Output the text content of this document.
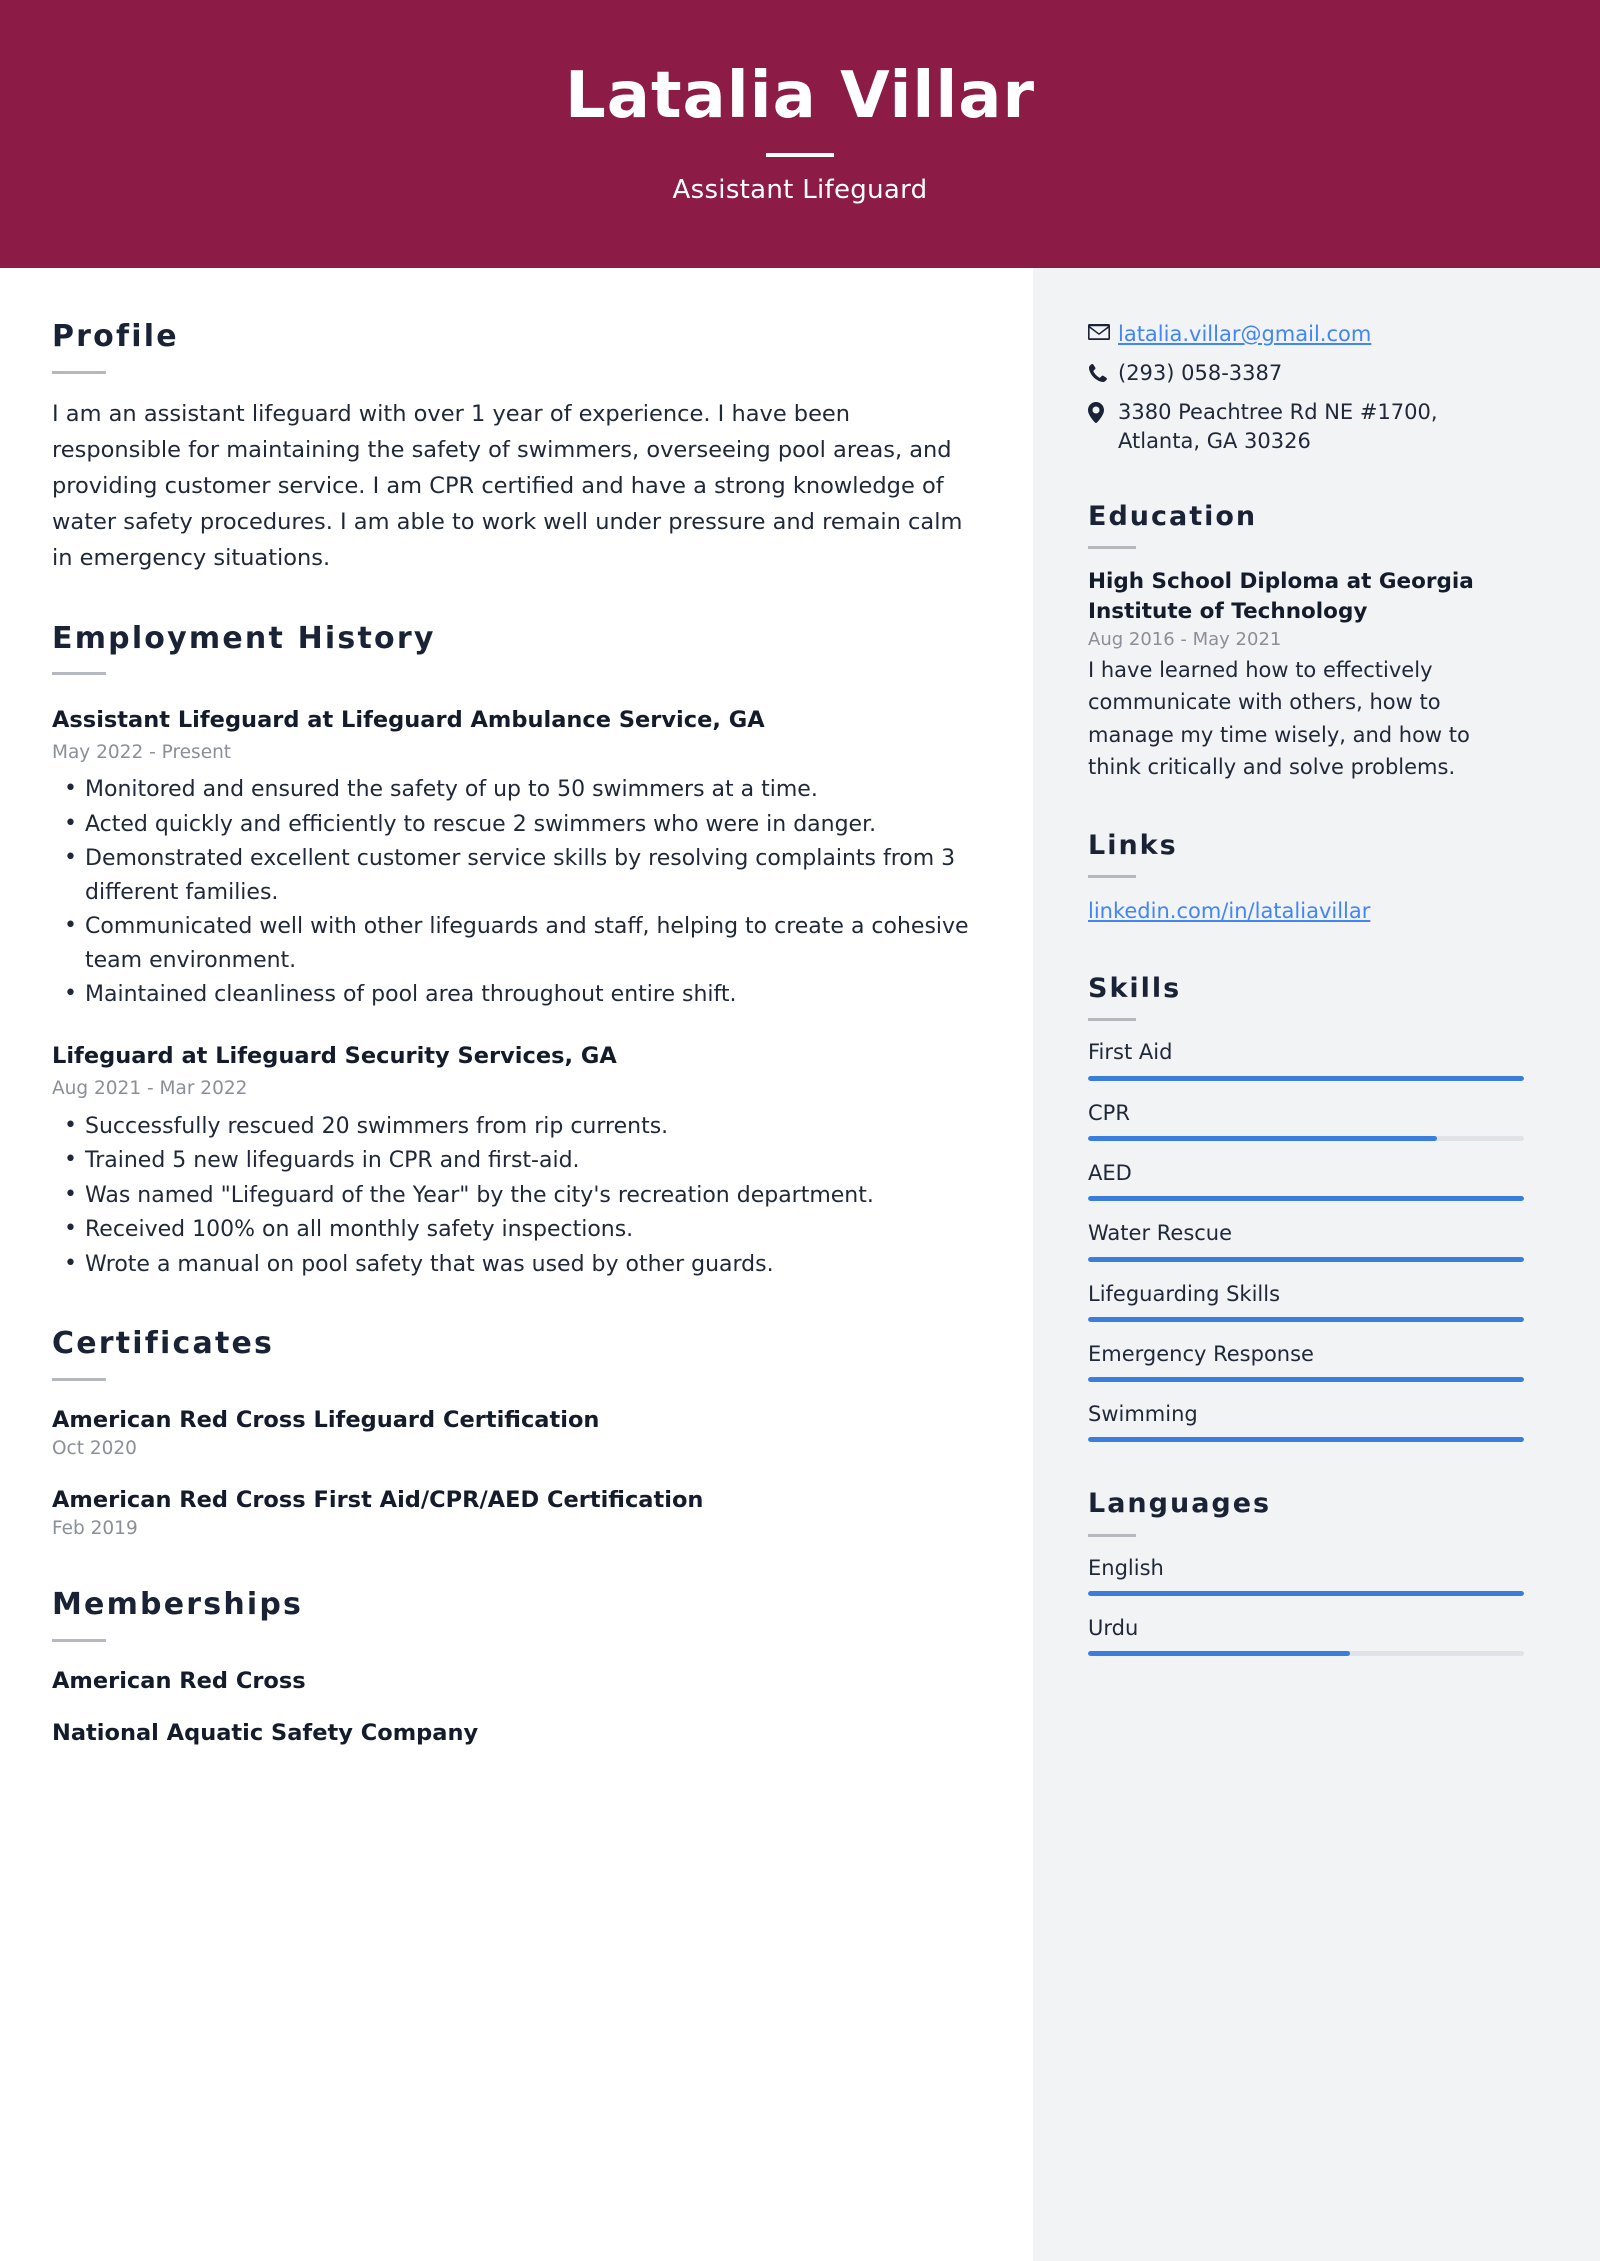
Latalia Villar
Assistant Lifeguard
Profile
I am an assistant lifeguard with over 1 year of experience. I have been responsible for maintaining the safety of swimmers, overseeing pool areas, and providing customer service. I am CPR certified and have a strong knowledge of water safety procedures. I am able to work well under pressure and remain calm in emergency situations.
Employment History
Assistant Lifeguard at Lifeguard Ambulance Service, GA
May 2022 - Present
• Monitored and ensured the safety of up to 50 swimmers at a time.
• Acted quickly and efficiently to rescue 2 swimmers who were in danger.
• Demonstrated excellent customer service skills by resolving complaints from 3 different families.
• Communicated well with other lifeguards and staff, helping to create a cohesive team environment.
• Maintained cleanliness of pool area throughout entire shift.
Lifeguard at Lifeguard Security Services, GA
Aug 2021 - Mar 2022
• Successfully rescued 20 swimmers from rip currents.
• Trained 5 new lifeguards in CPR and first-aid.
• Was named "Lifeguard of the Year" by the city's recreation department.
• Received 100% on all monthly safety inspections.
• Wrote a manual on pool safety that was used by other guards.
Certificates
American Red Cross Lifeguard Certification
Oct 2020
American Red Cross First Aid/CPR/AED Certification
Feb 2019
Memberships
American Red Cross
National Aquatic Safety Company
latalia.villar@gmail.com
(293) 058-3387
3380 Peachtree Rd NE #1700,
Atlanta, GA 30326
Education
High School Diploma at Georgia Institute of Technology
Aug 2016 - May 2021
I have learned how to effectively communicate with others, how to manage my time wisely, and how to think critically and solve problems.
Links
linkedin.com/in/lataliavillar
Skills
First Aid
CPR
AED
Water Rescue
Lifeguarding Skills
Emergency Response
Swimming
Languages
English
Urdu
